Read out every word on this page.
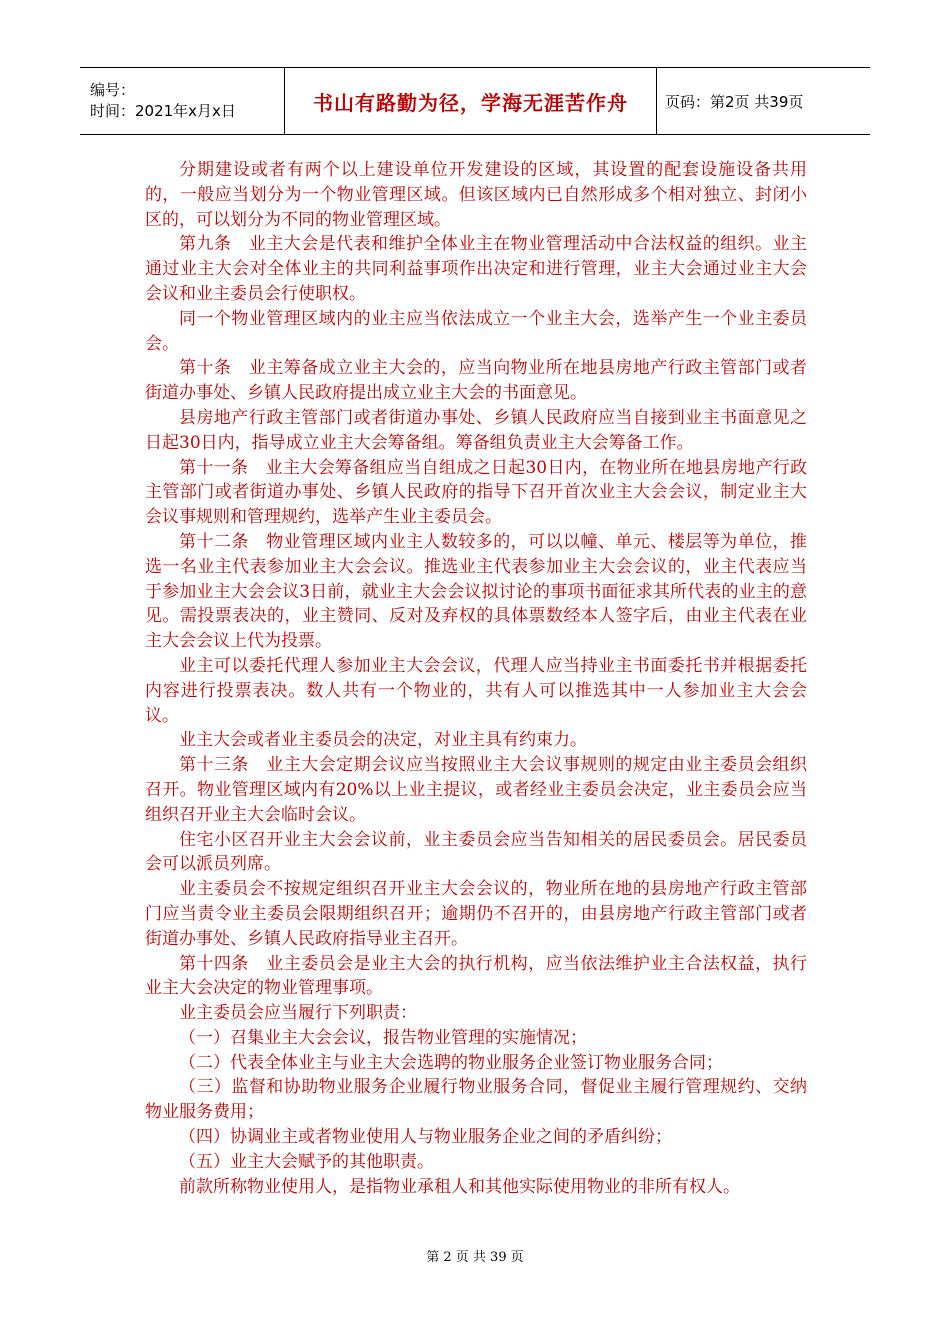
编号：
时间：2021年x月x日	书山有路勤为径，学海无涯苦作舟	页码：第2页 共39页

分期建设或者有两个以上建设单位开发建设的区域，其设置的配套设施设备共用的，一般应当划分为一个物业管理区域。但该区域内已自然形成多个相对独立、封闭小区的，可以划分为不同的物业管理区域。

第九条　业主大会是代表和维护全体业主在物业管理活动中合法权益的组织。业主通过业主大会对全体业主的共同利益事项作出决定和进行管理，业主大会通过业主大会会议和业主委员会行使职权。

同一个物业管理区域内的业主应当依法成立一个业主大会，选举产生一个业主委员会。

第十条　业主筹备成立业主大会的，应当向物业所在地县房地产行政主管部门或者街道办事处、乡镇人民政府提出成立业主大会的书面意见。

县房地产行政主管部门或者街道办事处、乡镇人民政府应当自接到业主书面意见之日起30日内，指导成立业主大会筹备组。筹备组负责业主大会筹备工作。

第十一条　业主大会筹备组应当自组成之日起30日内，在物业所在地县房地产行政主管部门或者街道办事处、乡镇人民政府的指导下召开首次业主大会会议，制定业主大会议事规则和管理规约，选举产生业主委员会。

第十二条　物业管理区域内业主人数较多的，可以以幢、单元、楼层等为单位，推选一名业主代表参加业主大会会议。推选业主代表参加业主大会会议的，业主代表应当于参加业主大会会议3日前，就业主大会会议拟讨论的事项书面征求其所代表的业主的意见。需投票表决的，业主赞同、反对及弃权的具体票数经本人签字后，由业主代表在业主大会会议上代为投票。

业主可以委托代理人参加业主大会会议，代理人应当持业主书面委托书并根据委托内容进行投票表决。数人共有一个物业的，共有人可以推选其中一人参加业主大会会议。

业主大会或者业主委员会的决定，对业主具有约束力。

第十三条　业主大会定期会议应当按照业主大会议事规则的规定由业主委员会组织召开。物业管理区域内有20%以上业主提议，或者经业主委员会决定，业主委员会应当组织召开业主大会临时会议。

住宅小区召开业主大会会议前，业主委员会应当告知相关的居民委员会。居民委员会可以派员列席。

业主委员会不按规定组织召开业主大会会议的，物业所在地的县房地产行政主管部门应当责令业主委员会限期组织召开；逾期仍不召开的，由县房地产行政主管部门或者街道办事处、乡镇人民政府指导业主召开。

第十四条　业主委员会是业主大会的执行机构，应当依法维护业主合法权益，执行业主大会决定的物业管理事项。

业主委员会应当履行下列职责：

（一）召集业主大会会议，报告物业管理的实施情况；

（二）代表全体业主与业主大会选聘的物业服务企业签订物业服务合同；

（三）监督和协助物业服务企业履行物业服务合同，督促业主履行管理规约、交纳物业服务费用；

（四）协调业主或者物业使用人与物业服务企业之间的矛盾纠纷；

（五）业主大会赋予的其他职责。

前款所称物业使用人，是指物业承租人和其他实际使用物业的非所有权人。

第 2 页 共 39 页
